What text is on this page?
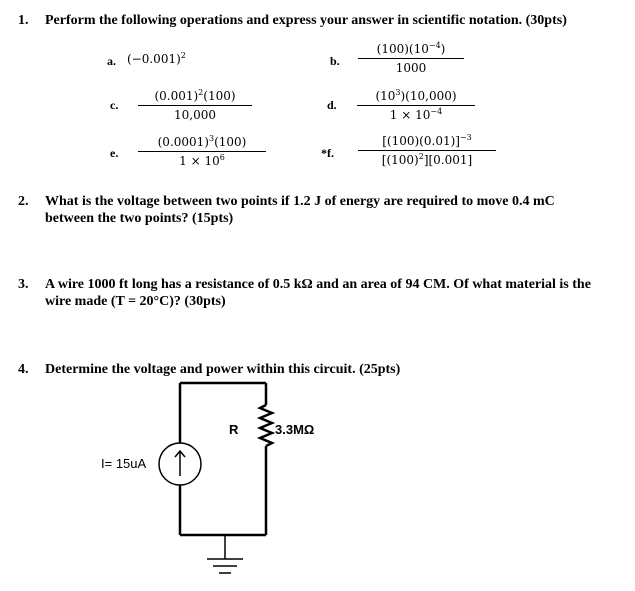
1. Perform the following operations and express your answer in scientific notation. (30pts)
a. $(-0.001)^2$	b. $\frac{(100)(10^{-4})}{1000}$
c. $\frac{(0.001)^2(100)}{10,000}$	d. $\frac{(10^3)(10,000)}{1 \times 10^{-4}}$
e. $\frac{(0.0001)^3(100)}{1 \times 10^6}$	*f. $\frac{[(100)(0.01)]^{-3}}{[(100)^2][0.001]}$
2. What is the voltage between two points if 1.2 J of energy are required to move 0.4 mC
between the two points? (15pts)
3. A wire 1000 ft long has a resistance of 0.5 kΩ and an area of 94 CM. Of what material is the
wire made (T = 20°C)? (30pts)
4. Determine the voltage and power within this circuit. (25pts)
R	3.3MΩ
I= 15uA
